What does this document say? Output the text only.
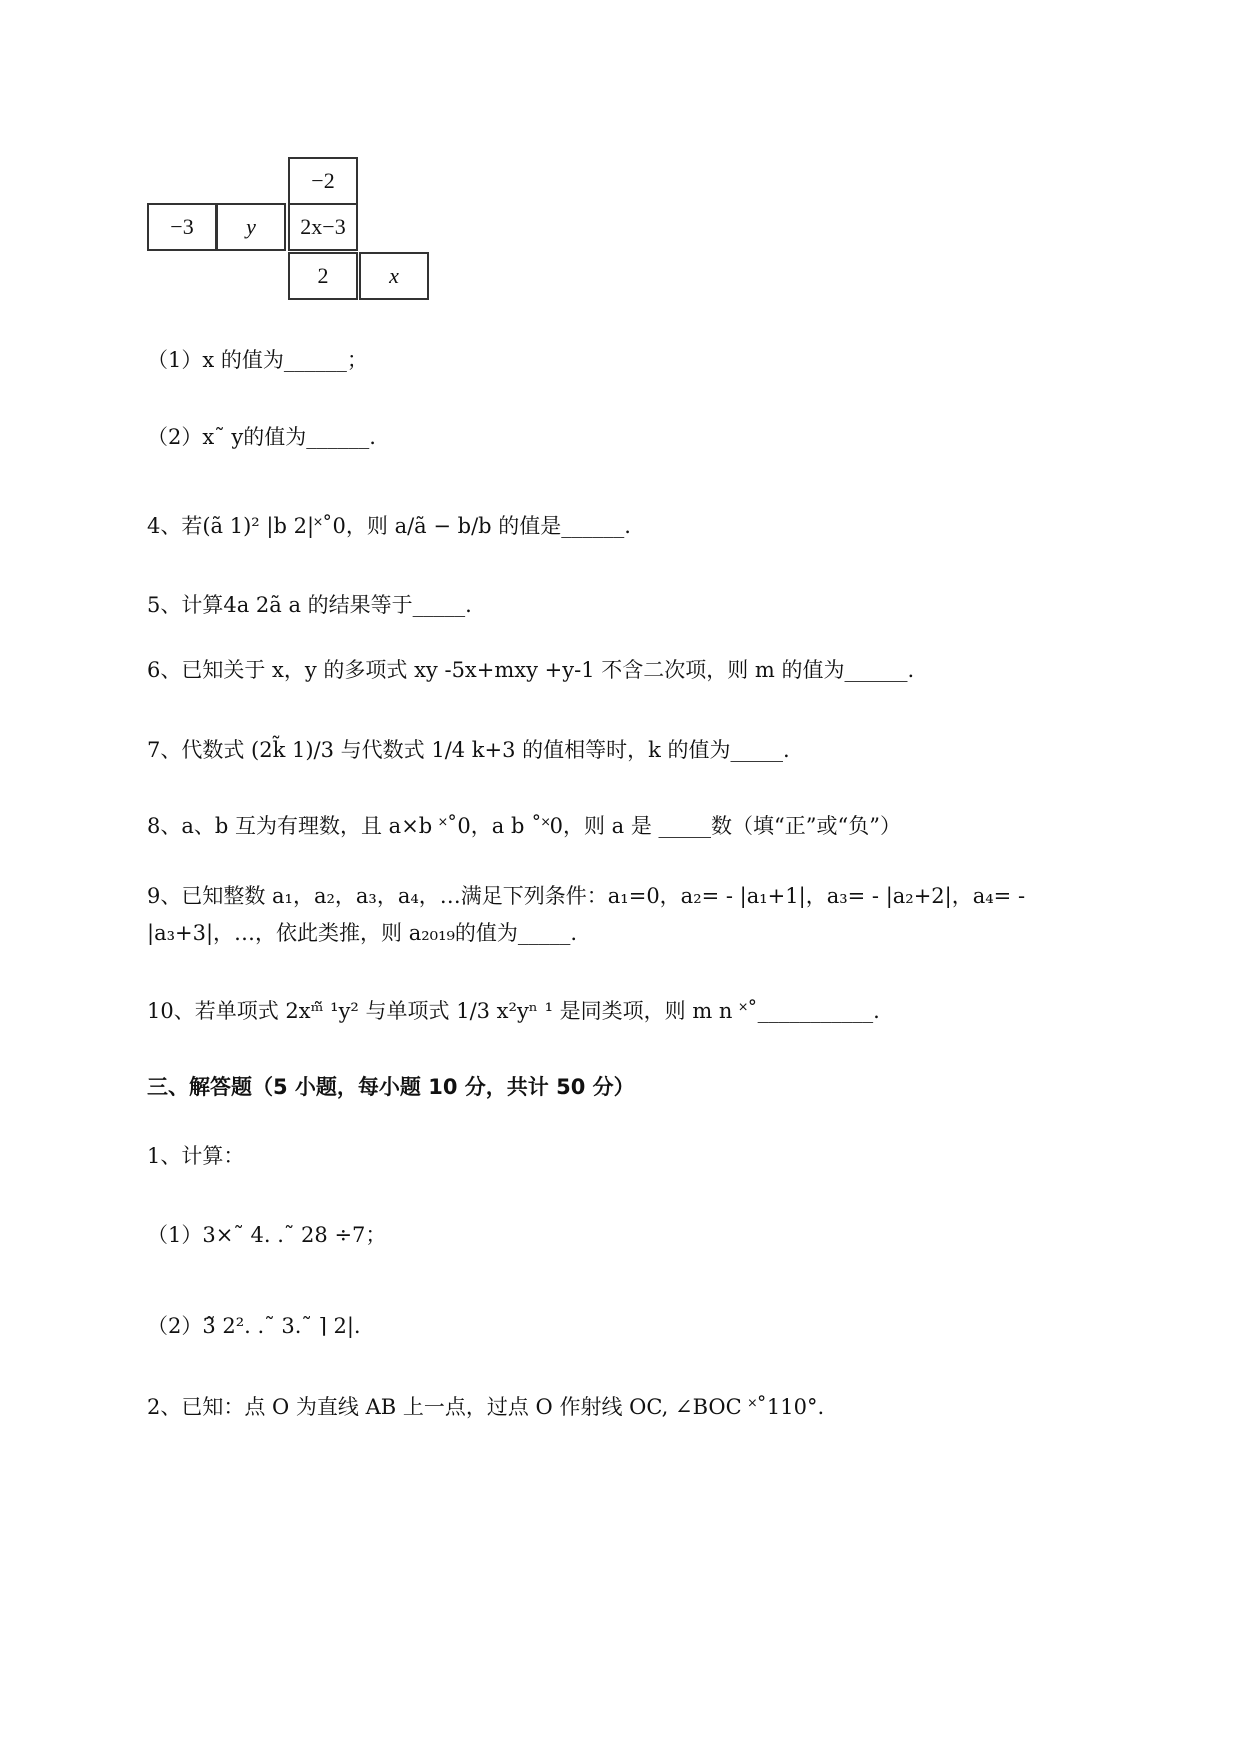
−2
−3	y	2x−3
2	x
（1）x 的值为______；
（2）x˜ y的值为______.
4、若(ã 1)² |b 2|˟˚0，则 a/ã − b/b 的值是______.
5、计算4a 2ã a 的结果等于_____.
6、已知关于 x，y 的多项式 xy -5x+mxy +y-1 不含二次项，则 m 的值为______.
7、代数式 (2k̃ 1)/3 与代数式 1/4 k+3 的值相等时，k 的值为_____.
8、a、b 互为有理数，且 a×b ˟˚0，a b ˚˟0，则 a 是 _____数（填“正”或“负”）
9、已知整数 a₁，a₂，a₃，a₄，…满足下列条件：a₁=0，a₂= - |a₁+1|，a₃= - |a₂+2|，a₄= -
|a₃+3|，…，依此类推，则 a₂₀₁₉的值为_____.
10、若单项式 2xᵐ̃ ¹y² 与单项式 1/3 x²yⁿ ¹ 是同类项，则 m n ˟˚___________.
三、解答题（5 小题，每小题 10 分，共计 50 分）
1、计算：
（1）3×˜ 4. .˜ 28 ÷7；
（2）3̃ 2². .˜ 3.˜ ⌉ 2|.
2、已知：点 O 为直线 AB 上一点，过点 O 作射线 OC, ∠BOC ˟˚110°.
